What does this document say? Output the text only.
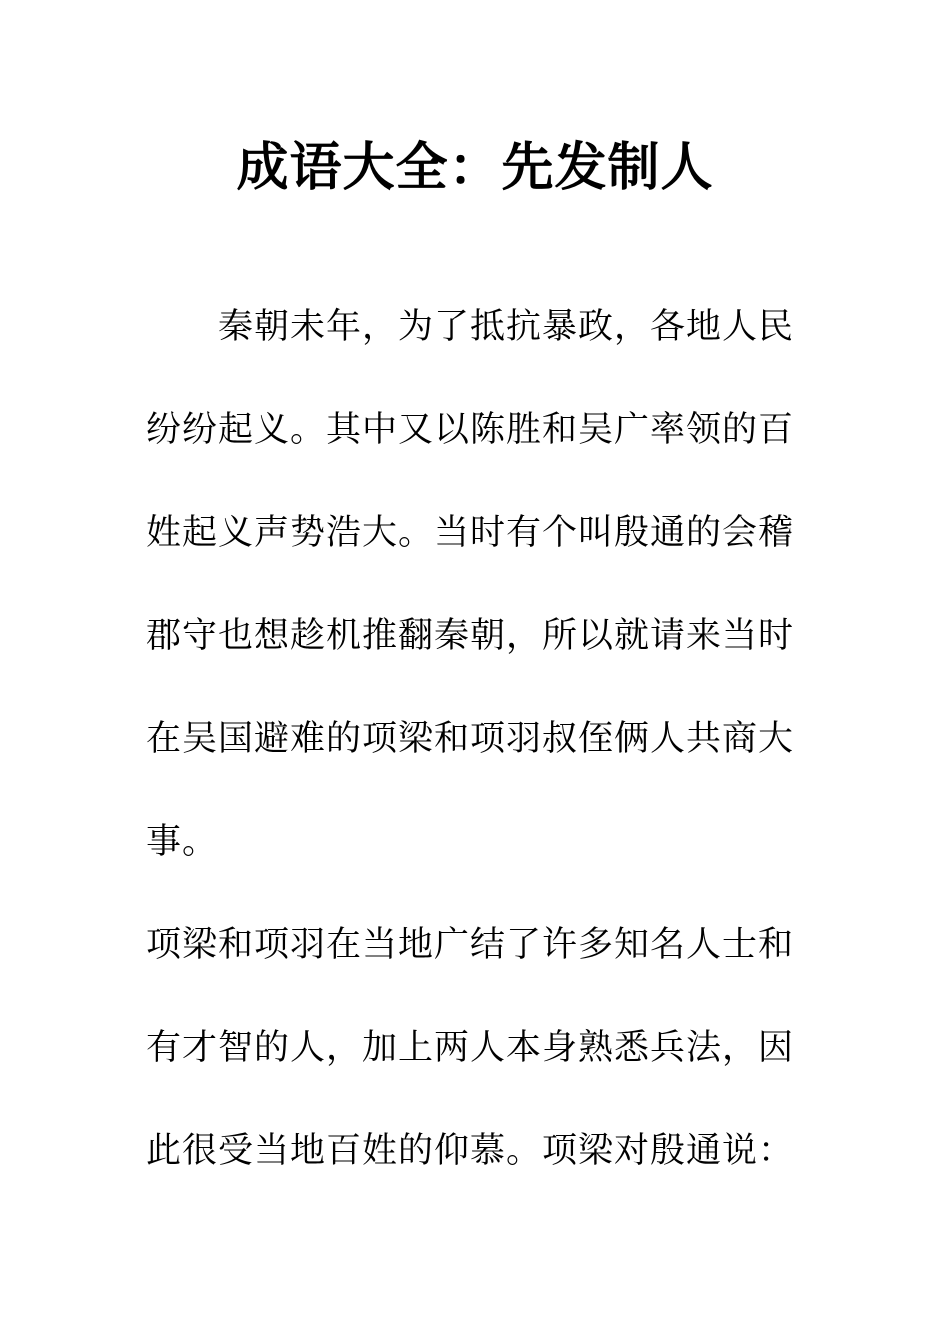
成语大全：先发制人
秦朝未年，为了抵抗暴政，各地人民
纷纷起义。其中又以陈胜和吴广率领的百
姓起义声势浩大。当时有个叫殷通的会稽
郡守也想趁机推翻秦朝，所以就请来当时
在吴国避难的项梁和项羽叔侄俩人共商大
事。
项梁和项羽在当地广结了许多知名人士和
有才智的人，加上两人本身熟悉兵法，因
此很受当地百姓的仰慕。项梁对殷通说：
